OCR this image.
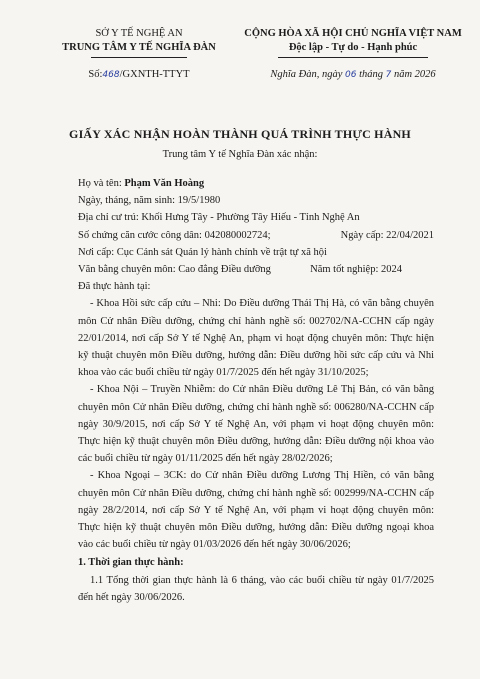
SỞ Y TẾ NGHỆ AN
TRUNG TÂM Y TẾ NGHĨA ĐÀN
Số:468/GXNTH-TTYT
CỘNG HÒA XÃ HỘI CHỦ NGHĨA VIỆT NAM
Độc lập - Tự do - Hạnh phúc
Nghĩa Đàn, ngày 06 tháng 7 năm 2026
GIẤY XÁC NHẬN HOÀN THÀNH QUÁ TRÌNH THỰC HÀNH
Trung tâm Y tế Nghĩa Đàn xác nhận:
Họ và tên: Phạm Văn Hoàng
Ngày, tháng, năm sinh: 19/5/1980
Địa chỉ cư trú: Khối Hưng Tây - Phường Tây Hiếu - Tỉnh Nghệ An
Số chứng căn cước công dân: 042080002724;	Ngày cấp: 22/04/2021
Nơi cấp: Cục Cảnh sát Quản lý hành chính về trật tự xã hội
Văn bằng chuyên môn: Cao đẳng Điều dưỡng	Năm tốt nghiệp: 2024
Đã thực hành tại:

- Khoa Hồi sức cấp cứu – Nhi: Do Điều dưỡng Thái Thị Hà, có văn bằng chuyên môn Cử nhân Điều dưỡng, chứng chỉ hành nghề số: 002702/NA-CCHN cấp ngày 22/01/2014, nơi cấp Sở Y tế Nghệ An, phạm vi hoạt động chuyên môn: Thực hiện kỹ thuật chuyên môn Điều dưỡng, hướng dẫn: Điều dưỡng hồi sức cấp cứu và Nhi khoa vào các buổi chiều từ ngày 01/7/2025 đến hết ngày 31/10/2025;

- Khoa Nội – Truyền Nhiễm: do Cử nhân Điều dưỡng Lê Thị Bản, có văn bằng chuyên môn Cử nhân Điều dưỡng, chứng chỉ hành nghề số: 006280/NA-CCHN cấp ngày 30/9/2015, nơi cấp Sở Y tế Nghệ An, với phạm vi hoạt động chuyên môn: Thực hiện kỹ thuật chuyên môn Điều dưỡng, hướng dẫn: Điều dưỡng nội khoa vào các buổi chiều từ ngày 01/11/2025 đến hết ngày 28/02/2026;

- Khoa Ngoại – 3CK: do Cử nhân Điều dưỡng Lương Thị Hiền, có văn bằng chuyên môn Cử nhân Điều dưỡng, chứng chỉ hành nghề số: 002999/NA-CCHN cấp ngày 28/2/2014, nơi cấp Sở Y tế Nghệ An, với phạm vi hoạt động chuyên môn: Thực hiện kỹ thuật chuyên môn Điều dưỡng, hướng dẫn: Điều dưỡng ngoại khoa vào các buổi chiều từ ngày 01/03/2026 đến hết ngày 30/06/2026;

1. Thời gian thực hành:

1.1 Tổng thời gian thực hành là 6 tháng, vào các buổi chiều từ ngày 01/7/2025 đến hết ngày 30/06/2026.
